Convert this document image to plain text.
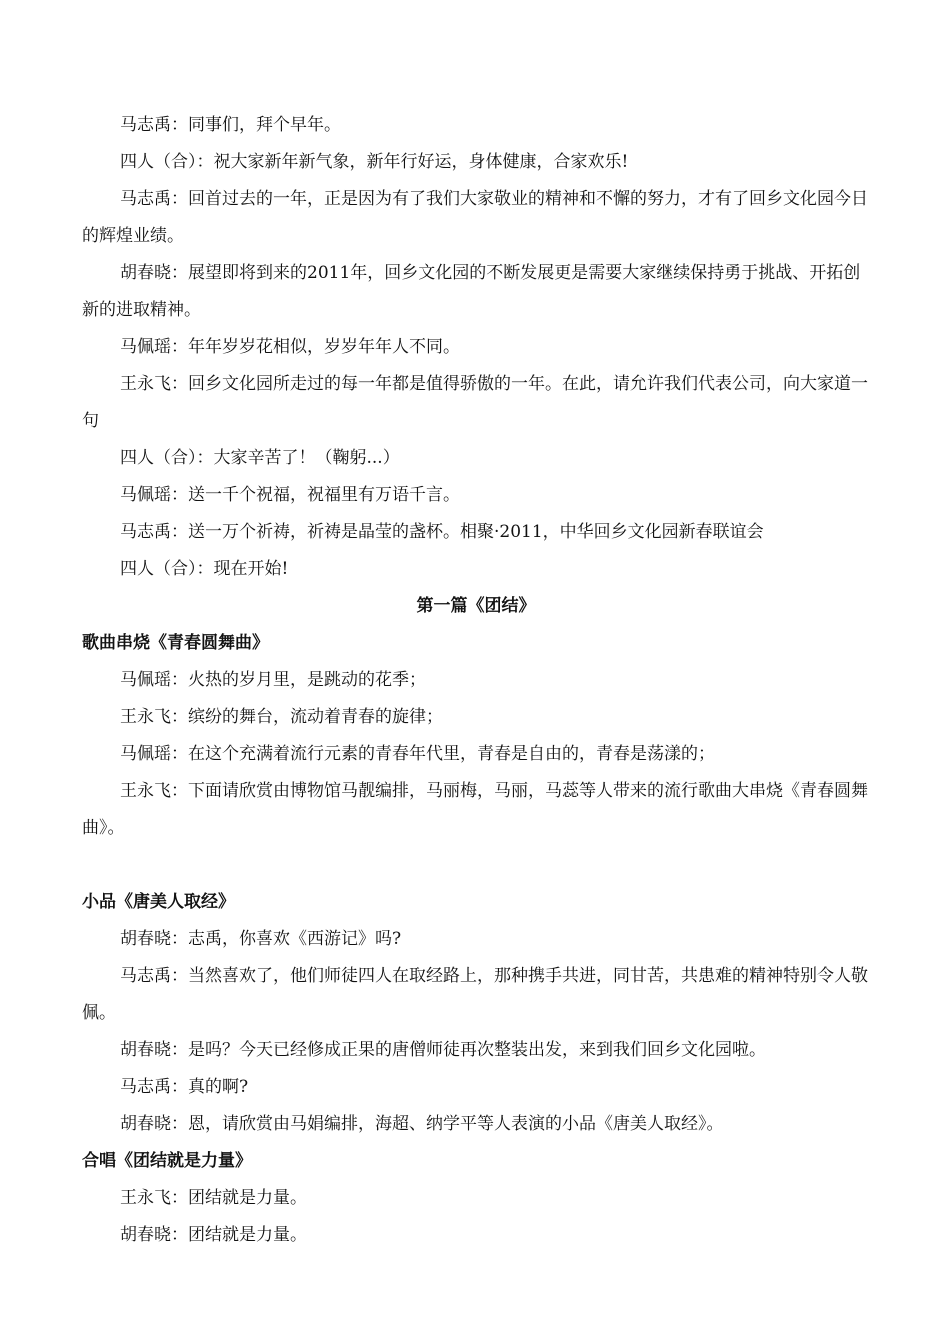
马志禹：同事们，拜个早年。

四人（合）：祝大家新年新气象，新年行好运，身体健康，合家欢乐!

马志禹：回首过去的一年，正是因为有了我们大家敬业的精神和不懈的努力，才有了回乡文化园今日的辉煌业绩。

胡春晓：展望即将到来的2011年，回乡文化园的不断发展更是需要大家继续保持勇于挑战、开拓创新的进取精神。

马佩瑶：年年岁岁花相似，岁岁年年人不同。

王永飞：回乡文化园所走过的每一年都是值得骄傲的一年。在此，请允许我们代表公司，向大家道一句

四人（合）：大家辛苦了！（鞠躬...）

马佩瑶：送一千个祝福，祝福里有万语千言。

马志禹：送一万个祈祷，祈祷是晶莹的盏杯。相聚·2011，中华回乡文化园新春联谊会

四人（合）：现在开始!

第一篇《团结》

歌曲串烧《青春圆舞曲》

马佩瑶：火热的岁月里，是跳动的花季；

王永飞：缤纷的舞台，流动着青春的旋律；

马佩瑶：在这个充满着流行元素的青春年代里，青春是自由的，青春是荡漾的；

王永飞：下面请欣赏由博物馆马靓编排，马丽梅，马丽，马蕊等人带来的流行歌曲大串烧《青春圆舞曲》。

小品《唐美人取经》

胡春晓：志禹，你喜欢《西游记》吗?

马志禹：当然喜欢了，他们师徒四人在取经路上，那种携手共进，同甘苦，共患难的精神特别令人敬佩。

胡春晓：是吗？今天已经修成正果的唐僧师徒再次整装出发，来到我们回乡文化园啦。

马志禹：真的啊?

胡春晓：恩，请欣赏由马娟编排，海超、纳学平等人表演的小品《唐美人取经》。

合唱《团结就是力量》

王永飞：团结就是力量。

胡春晓：团结就是力量。
